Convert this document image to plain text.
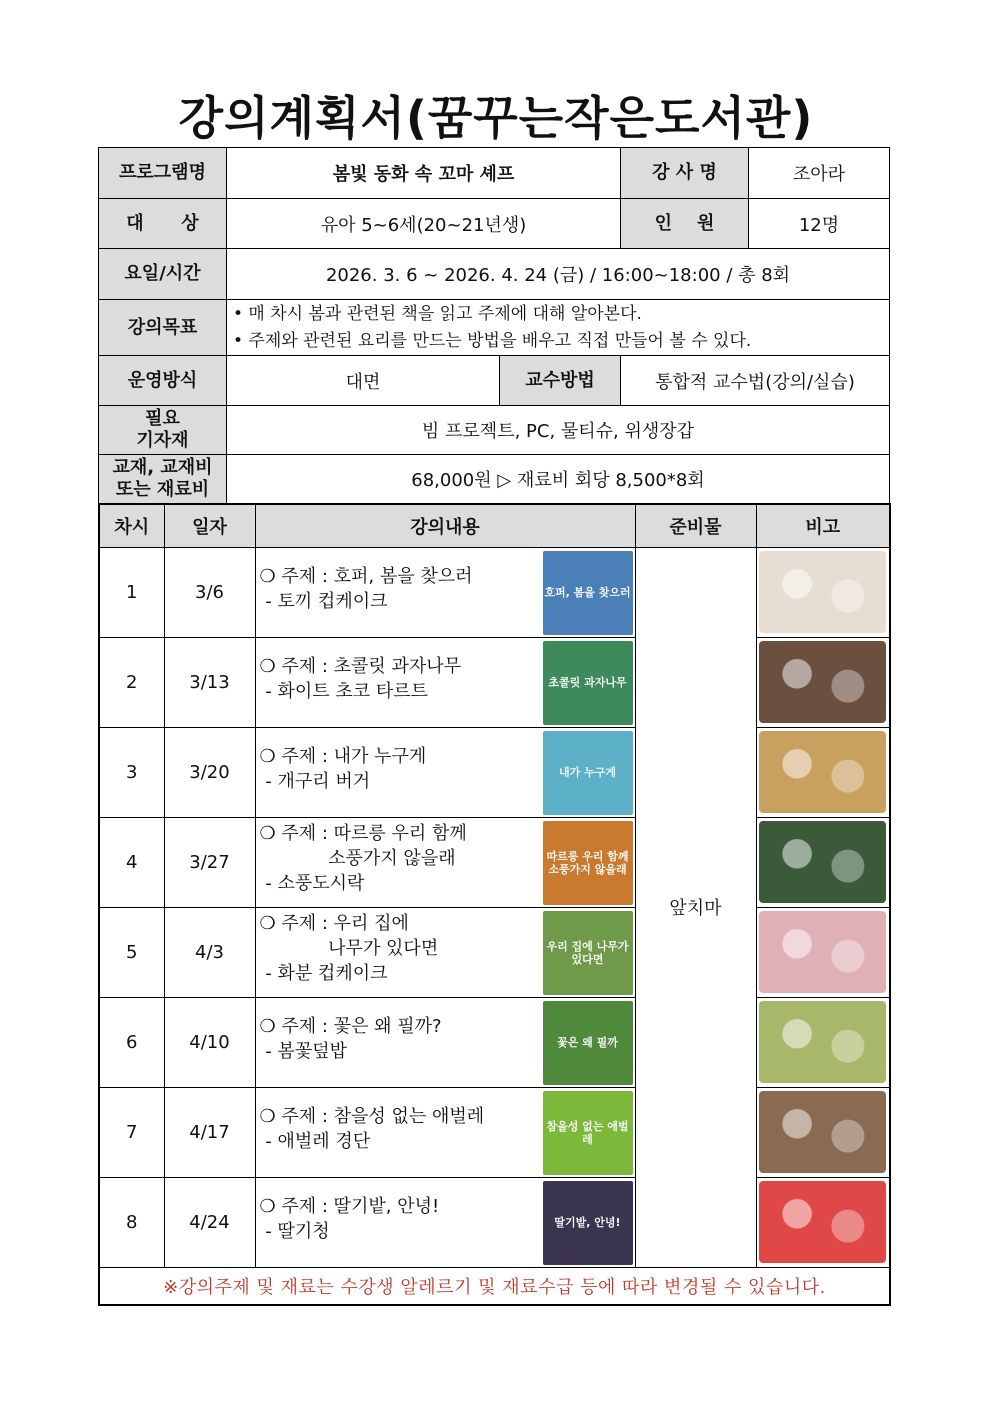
강의계획서(꿈꾸는작은도서관)
프로그램명	봄빛 동화 속 꼬마 셰프		강 사 명	조아라
대      상	유아 5~6세(20~21년생)		인    원	12명
요일/시간	2026. 3. 6 ~ 2026. 4. 24 (금) / 16:00~18:00 / 총 8회			
강의목표	• 매 차시 봄과 관련된 책을 읽고 주제에 대해 알아본다.
• 주제와 관련된 요리를 만드는 방법을 배우고 직접 만들어 볼 수 있다.			

운영방식	대면	교수방법	통합적 교수법(강의/실습)	

필요
기자재	빔 프로젝트, PC, 물티슈, 위생장갑			

교재, 교재비
또는 재료비	68,000원 ▷ 재료비 회당 8,500*8회			
차시	일자	강의내용	준비물	비고
1	3/6	❍ 주제 : 호퍼, 봄을 찾으러
- 토끼 컵케이크 호퍼, 봄을 찾으러	앞치마	

2	3/13	❍ 주제 : 초콜릿 과자나무
- 화이트 초코 타르트 초콜릿 과자나무		

3	3/20	❍ 주제 : 내가 누구게
- 개구리 버거 내가 누구게		

4	3/27	❍ 주제 : 따르릉 우리 함께
소풍가지 않을래
- 소풍도시락
따르릉 우리 함께 소풍가지 않을래		

5	4/3	❍ 주제 : 우리 집에
나무가 있다면
- 화분 컵케이크
우리 집에 나무가 있다면		

6	4/10	❍ 주제 : 꽃은 왜 필까?
- 봄꽃덮밥 꽃은 왜 필까		

7	4/17	❍ 주제 : 참을성 없는 애벌레
- 애벌레 경단
참을성 없는 애벌레		

8	4/24	❍ 주제 : 딸기밭, 안녕!
- 딸기청 딸기밭, 안녕!		

※강의주제 및 재료는 수강생 알레르기 및 재료수급 등에 따라 변경될 수 있습니다.				
